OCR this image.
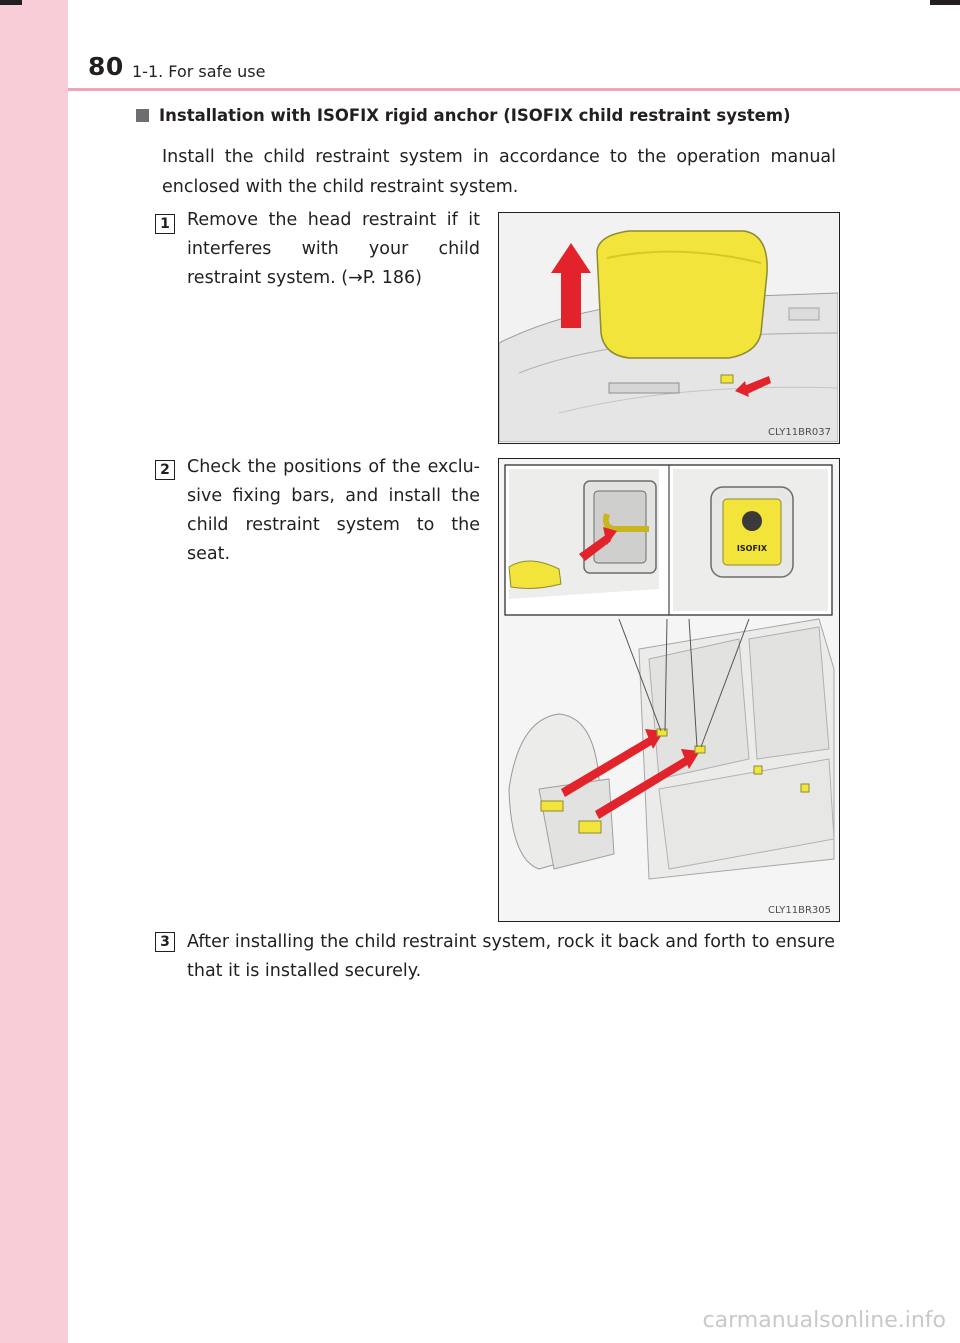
80 1-1. For safe use
Installation with ISOFIX rigid anchor (ISOFIX child restraint system)
Install the child restraint system in accordance to the operation manual enclosed with the child restraint system.
1 Remove the head restraint if it interferes with your child restraint system. (→P. 186)
CLY11BR037
2 Check the positions of the exclu-sive fixing bars, and install the child restraint system to the seat.	ISOFIX
CLY11BR305
3 After installing the child restraint system, rock it back and forth to ensure that it is installed securely.
carmanualsonline.info
